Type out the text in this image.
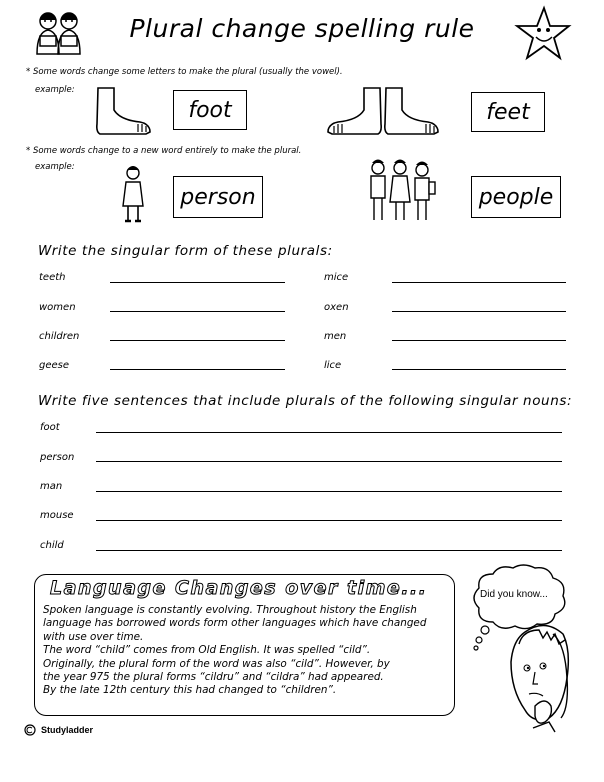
Plural change spelling rule
* Some words change some letters to make the plural (usually the vowel).
example:
foot	feet
* Some words change to a new word entirely to make the plural.
example:
person	people
Write the singular form of these plurals:
teeth
women
children
geese
mice
oxen
men
lice
Write five sentences that include plurals of the following singular nouns:
foot
person
man
mouse
child
Language Changes over time...
Spoken language is constantly evolving. Throughout history the English
language has borrowed words form other languages which have changed
with use over time.
The word “child” comes from Old English. It was spelled “cild”.
Originally, the plural form of the word was also “cild”. However, by
the year 975 the plural forms “cildru” and “cildra” had appeared.
By the late 12th century this had changed to “children”.
Did you know...
Studyladder
